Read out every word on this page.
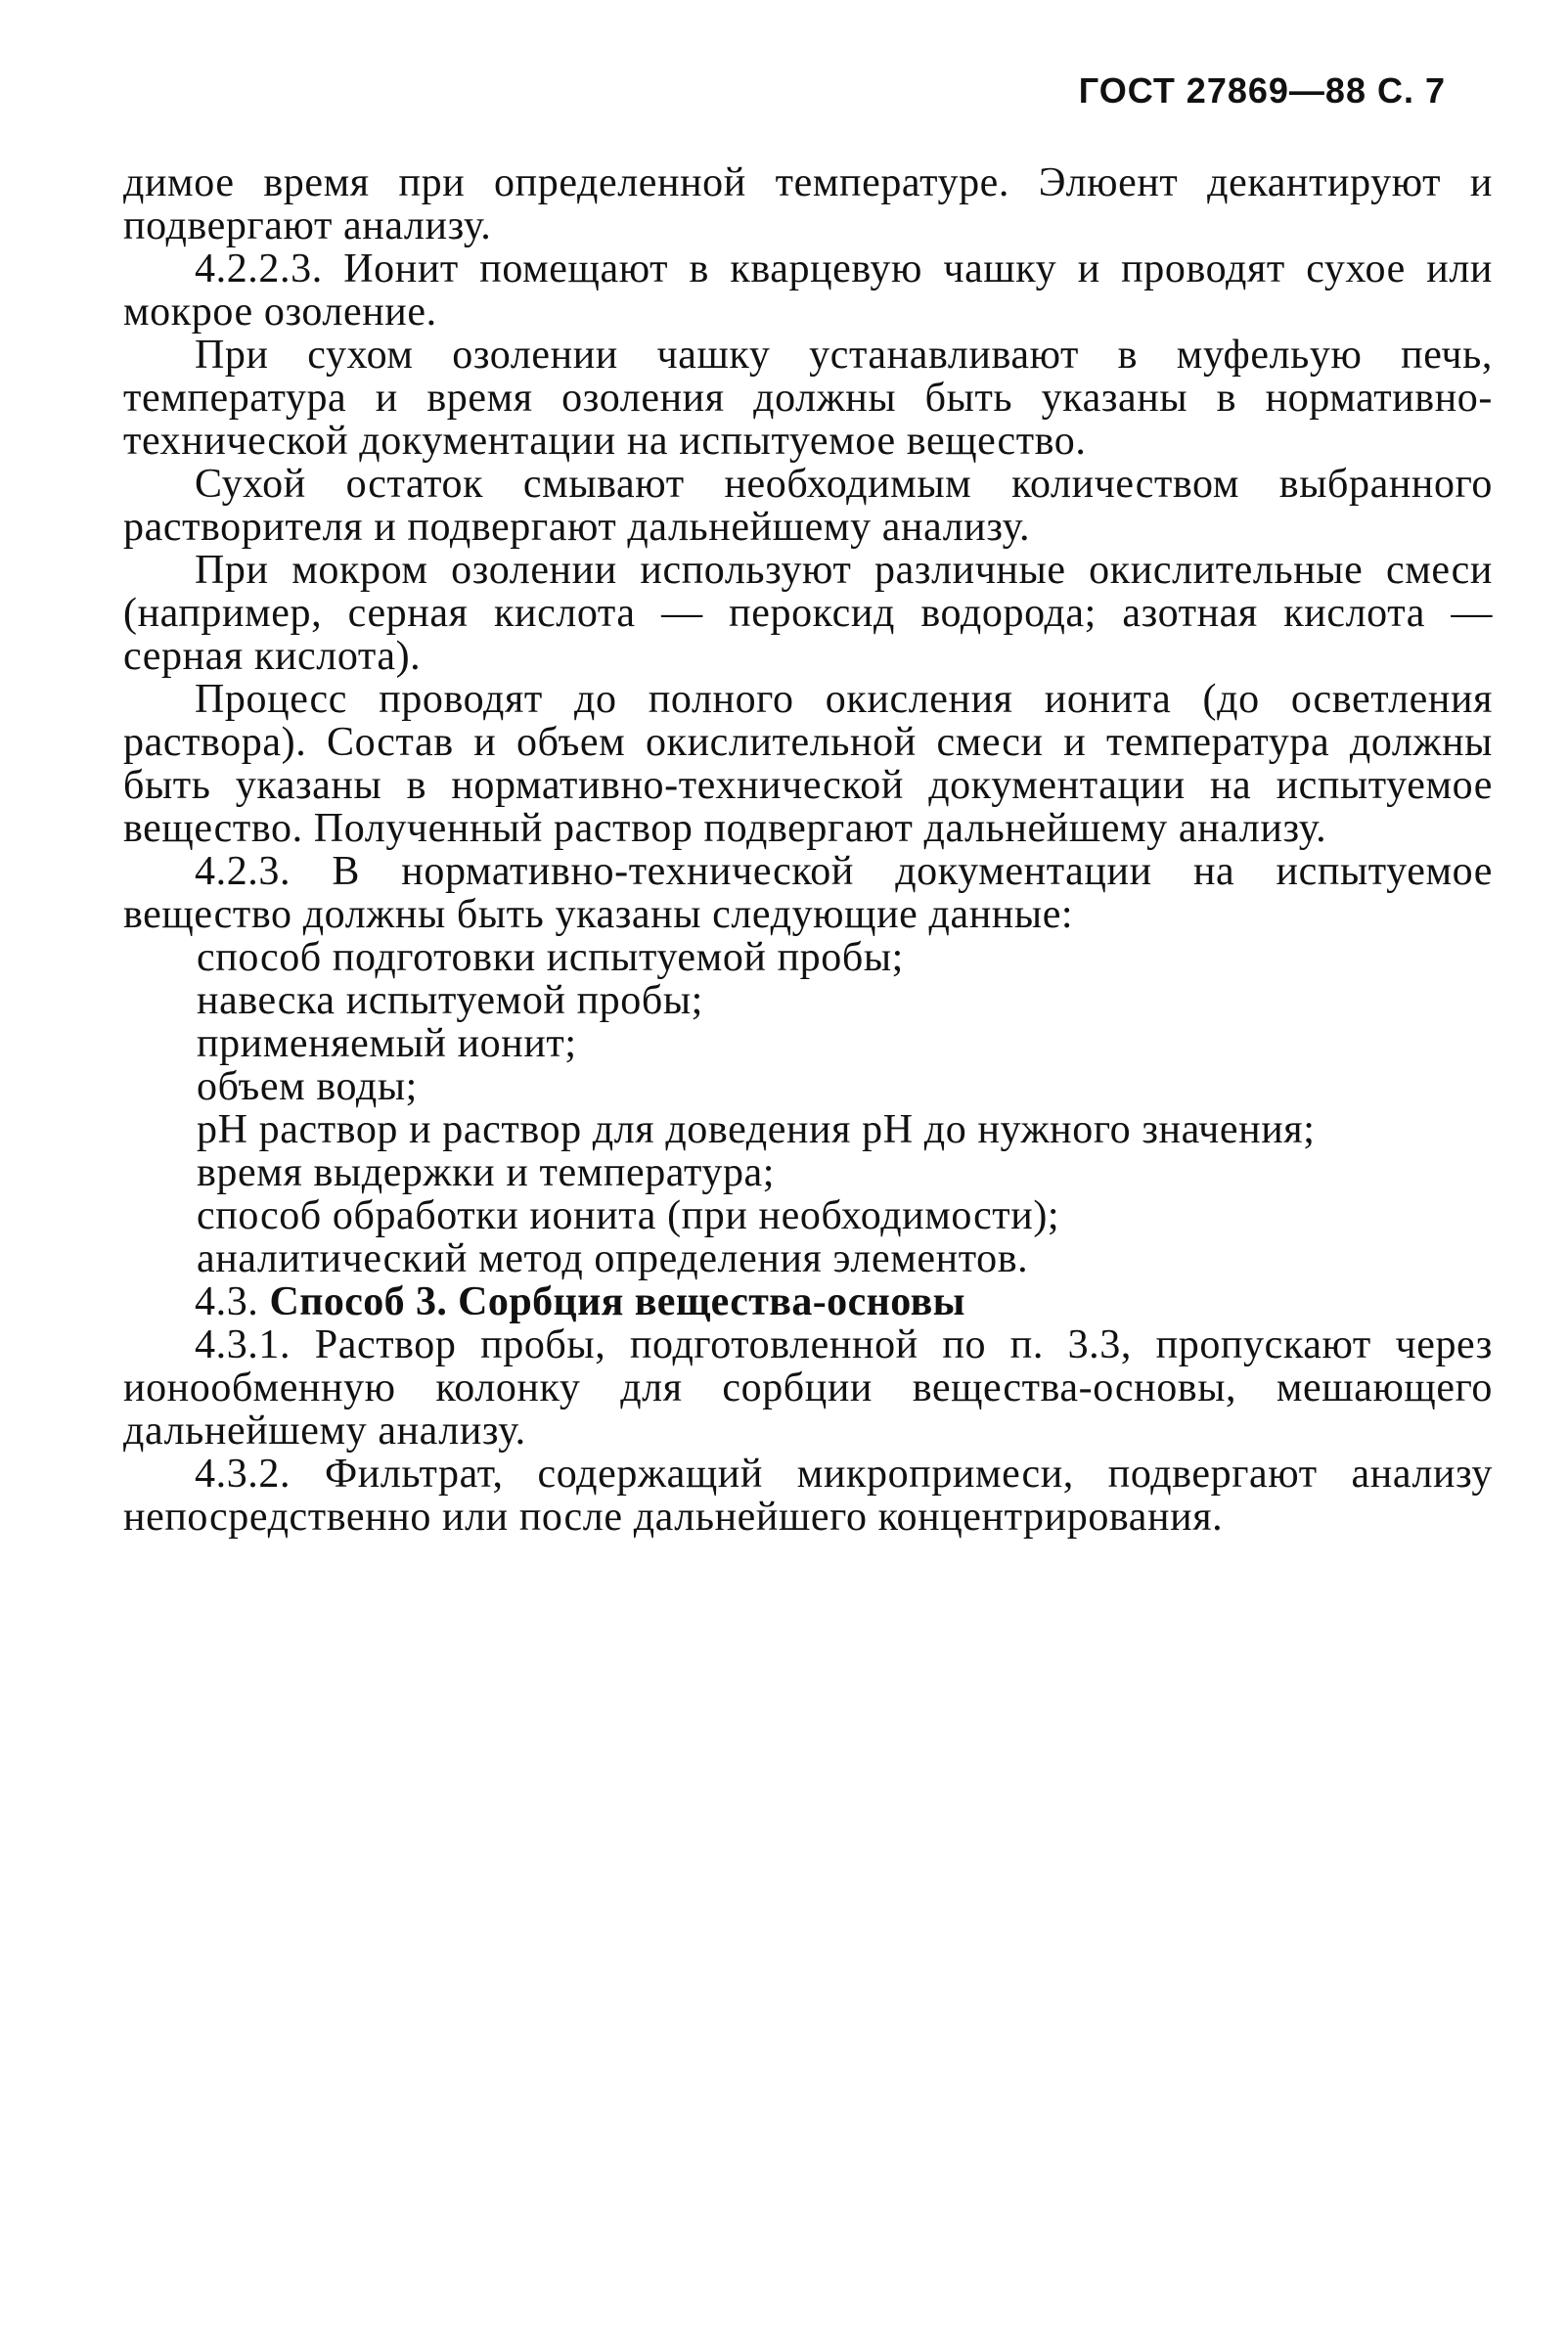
ГОСТ 27869—88 С. 7

димое время при определенной температуре. Элюент декантируют и подвергают анализу.

4.2.2.3. Ионит помещают в кварцевую чашку и проводят сухое или мокрое озоление.

При сухом озолении чашку устанавливают в муфельую печь, температура и время озоления должны быть указаны в нормативно-технической документации на испытуемое вещество.

Сухой остаток смывают необходимым количеством выбранного растворителя и подвергают дальнейшему анализу.

При мокром озолении используют различные окислительные смеси (например, серная кислота — пероксид водорода; азотная кислота — серная кислота).

Процесс проводят до полного окисления ионита (до осветления раствора). Состав и объем окислительной смеси и температура должны быть указаны в нормативно-технической документации на испытуемое вещество. Полученный раствор подвергают дальнейшему анализу.

4.2.3. В нормативно-технической документации на испытуемое вещество должны быть указаны следующие данные:

способ подготовки испытуемой пробы;

навеска испытуемой пробы;

применяемый ионит;

объем воды;

pH раствор и раствор для доведения pH до нужного значения;

время выдержки и температура;

способ обработки ионита (при необходимости);

аналитический метод определения элементов.

4.3. Способ 3. Сорбция вещества-основы

4.3.1. Раствор пробы, подготовленной по п. 3.3, пропускают через ионообменную колонку для сорбции вещества-основы, мешающего дальнейшему анализу.

4.3.2. Фильтрат, содержащий микропримеси, подвергают анализу непосредственно или после дальнейшего концентрирования.
